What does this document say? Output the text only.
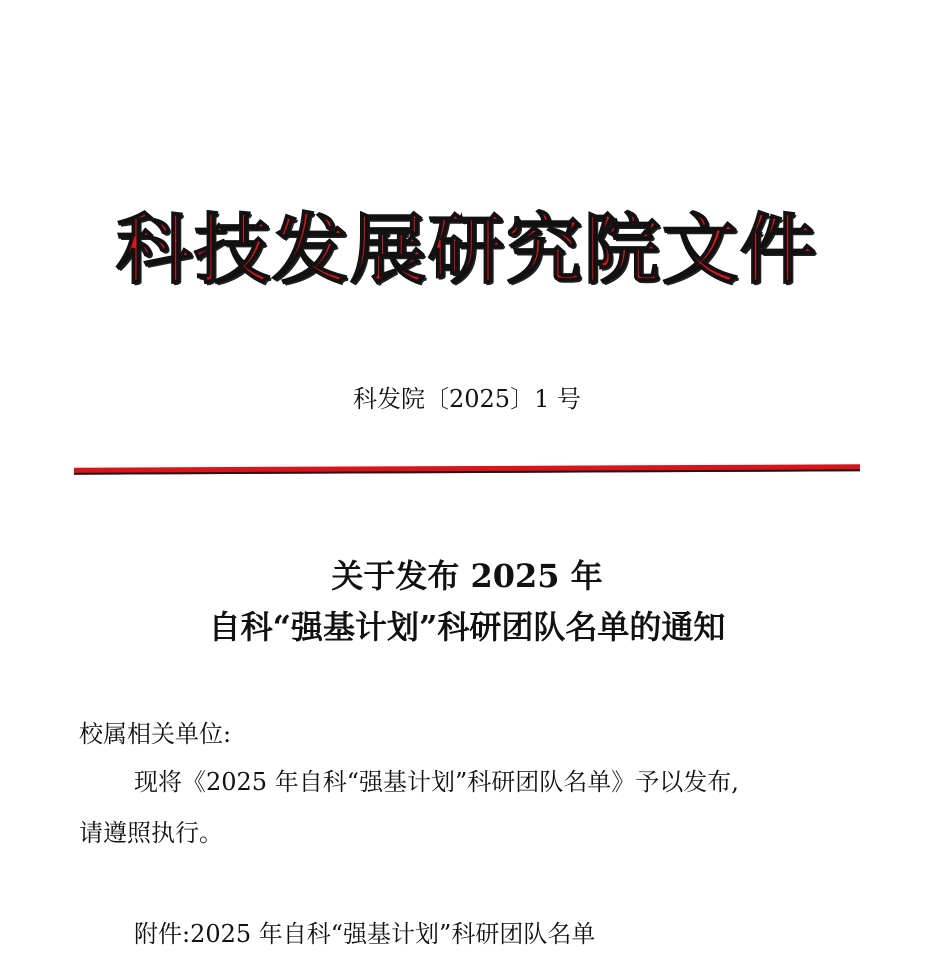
科技发展研究院文件
科发院〔2025〕1 号
关于发布 2025 年
自科“强基计划”科研团队名单的通知
校属相关单位:
现将《2025 年自科“强基计划”科研团队名单》予以发布,
请遵照执行。
附件:2025 年自科“强基计划”科研团队名单
